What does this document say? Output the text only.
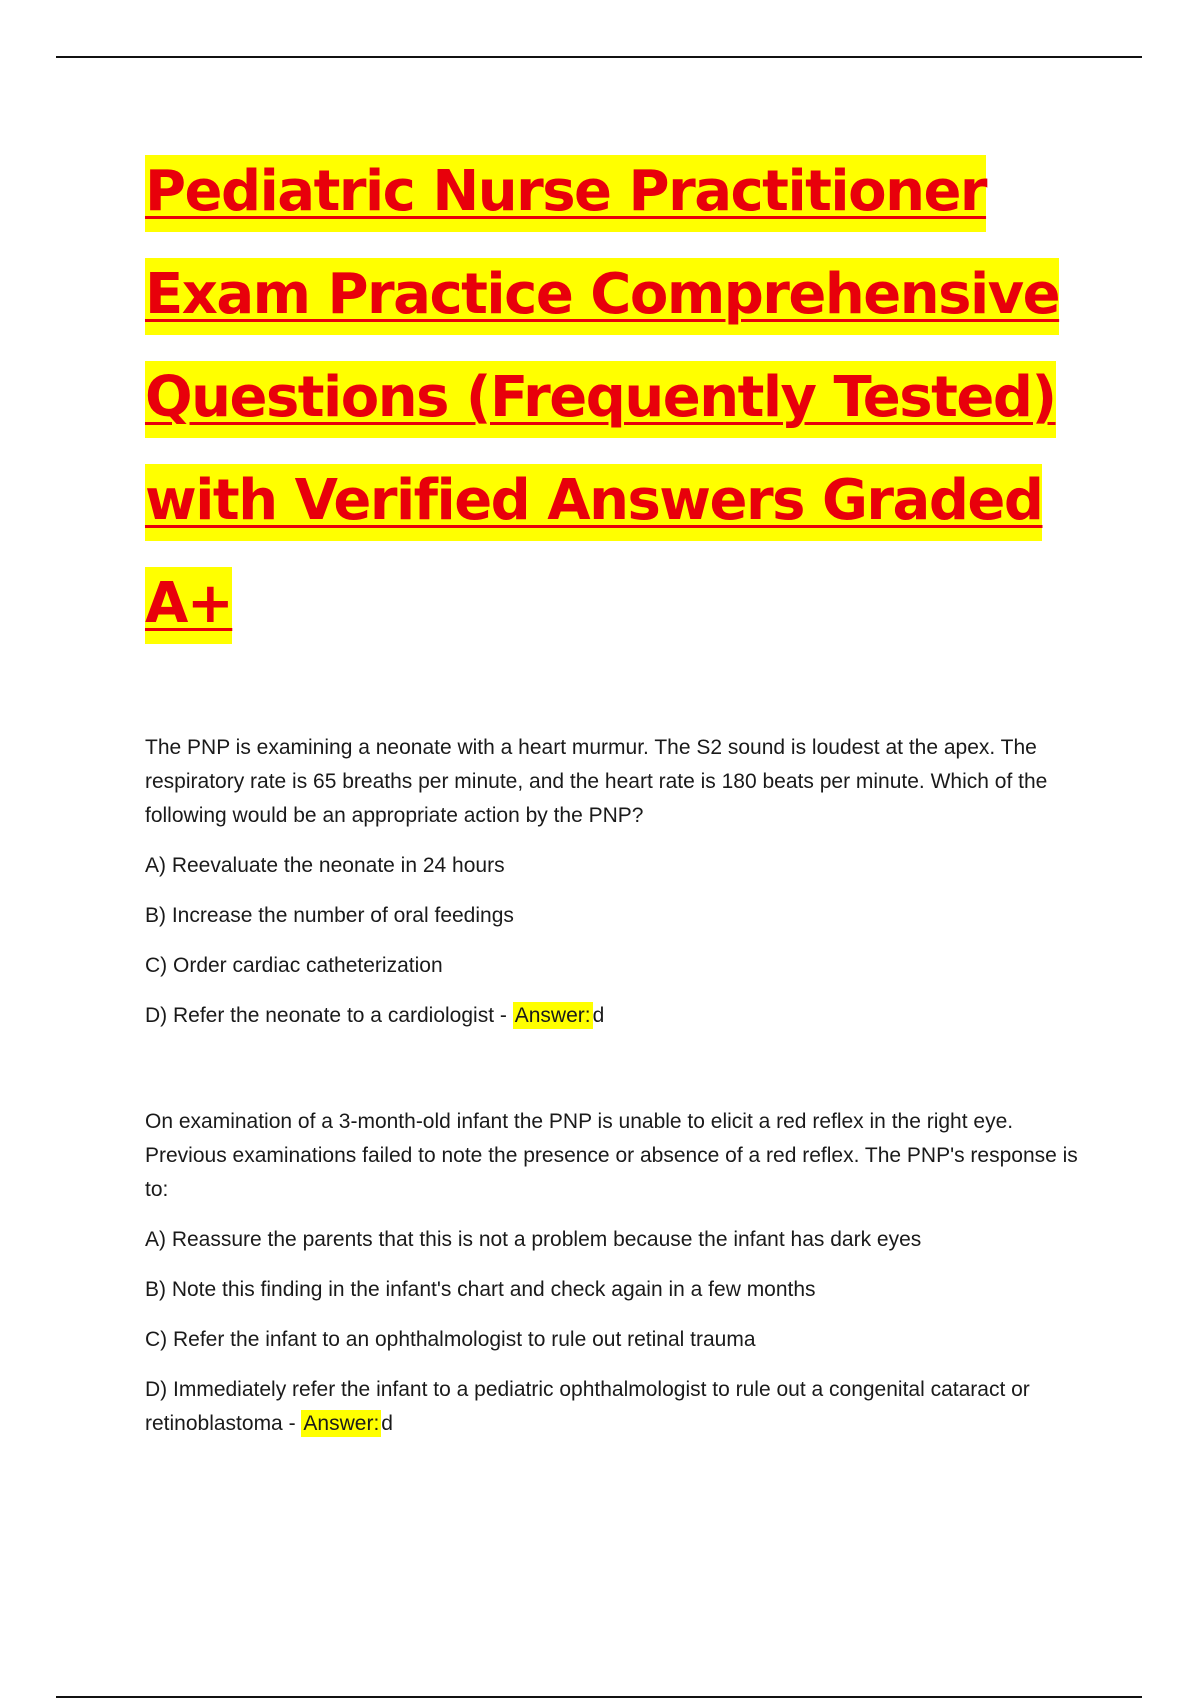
Pediatric Nurse Practitioner
Exam Practice Comprehensive
Questions (Frequently Tested)
with Verified Answers Graded
A+

The PNP is examining a neonate with a heart murmur. The S2 sound is loudest at the apex. The respiratory rate is 65 breaths per minute, and the heart rate is 180 beats per minute. Which of the following would be an appropriate action by the PNP?

A) Reevaluate the neonate in 24 hours

B) Increase the number of oral feedings

C) Order cardiac catheterization

D) Refer the neonate to a cardiologist - Answer:d

On examination of a 3-month-old infant the PNP is unable to elicit a red reflex in the right eye. Previous examinations failed to note the presence or absence of a red reflex. The PNP's response is to:

A) Reassure the parents that this is not a problem because the infant has dark eyes

B) Note this finding in the infant's chart and check again in a few months

C) Refer the infant to an ophthalmologist to rule out retinal trauma

D) Immediately refer the infant to a pediatric ophthalmologist to rule out a congenital cataract or retinoblastoma - Answer:d
